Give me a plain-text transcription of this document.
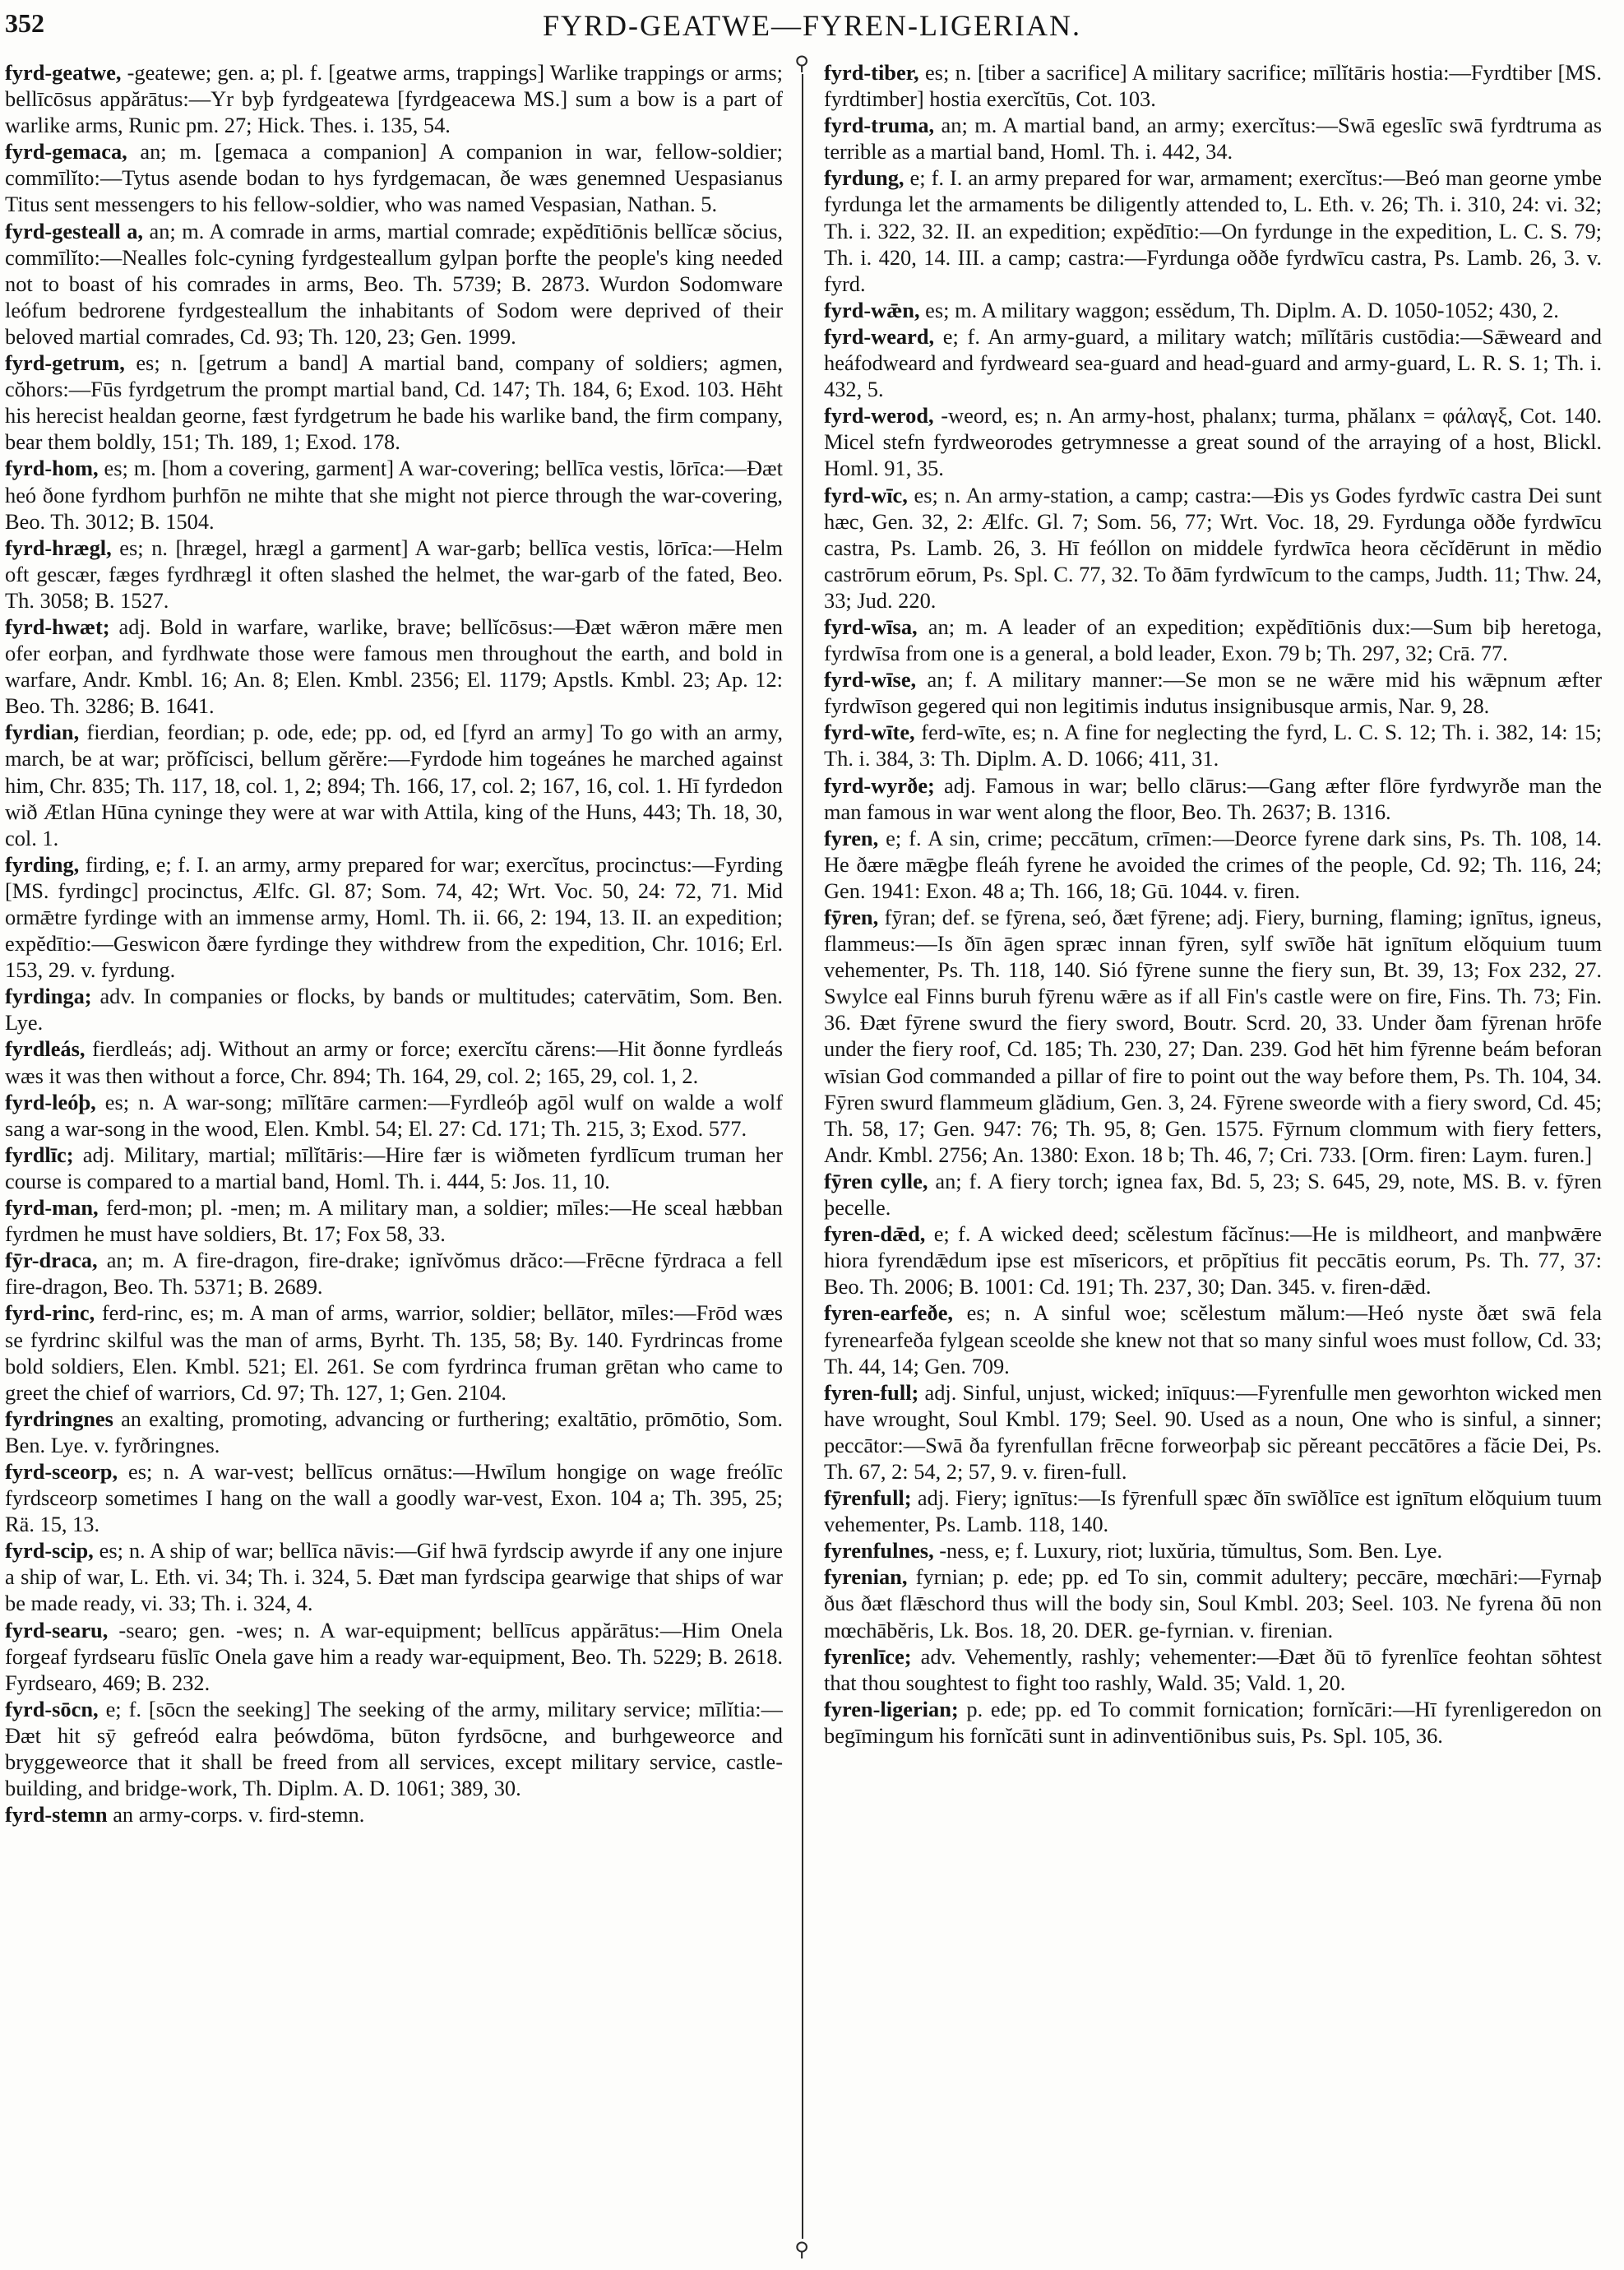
352	FYRD-GEATWE—FYREN-LIGERIAN.
⚲
⚲

fyrd-geatwe, -geatewe; gen. a; pl. f. [geatwe arms, trappings] Warlike trappings or arms; bellīcōsus appărātus:—Yr byþ fyrdgeatewa [fyrdgeacewa MS.] sum a bow is a part of warlike arms, Runic pm. 27; Hick. Thes. i. 135, 54.

fyrd-gemaca, an; m. [gemaca a companion] A companion in war, fellow-soldier; commīlĭto:—Tytus asende bodan to hys fyrdgemacan, ðe wæs genemned Uespasianus Titus sent messengers to his fellow-soldier, who was named Vespasian, Nathan. 5.

fyrd-gesteall a, an; m. A comrade in arms, martial comrade; expĕdītiōnis bellĭcæ sŏcius, commīlĭto:—Nealles folc-cyning fyrdgesteallum gylpan þorfte the people's king needed not to boast of his comrades in arms, Beo. Th. 5739; B. 2873. Wurdon Sodomware leófum bedrorene fyrdgesteallum the inhabitants of Sodom were deprived of their beloved martial comrades, Cd. 93; Th. 120, 23; Gen. 1999.

fyrd-getrum, es; n. [getrum a band] A martial band, company of soldiers; agmen, cŏhors:—Fūs fyrdgetrum the prompt martial band, Cd. 147; Th. 184, 6; Exod. 103. Hēht his herecist healdan georne, fæst fyrdgetrum he bade his warlike band, the firm company, bear them boldly, 151; Th. 189, 1; Exod. 178.

fyrd-hom, es; m. [hom a covering, garment] A war-covering; bellīca vestis, lōrīca:—Ðæt heó ðone fyrdhom þurhfōn ne mihte that she might not pierce through the war-covering, Beo. Th. 3012; B. 1504.

fyrd-hrægl, es; n. [hrægel, hrægl a garment] A war-garb; bellīca vestis, lōrīca:—Helm oft gescær, fæges fyrdhrægl it often slashed the helmet, the war-garb of the fated, Beo. Th. 3058; B. 1527.

fyrd-hwæt; adj. Bold in warfare, warlike, brave; bellĭcōsus:—Ðæt wǣron mǣre men ofer eorþan, and fyrdhwate those were famous men throughout the earth, and bold in warfare, Andr. Kmbl. 16; An. 8; Elen. Kmbl. 2356; El. 1179; Apstls. Kmbl. 23; Ap. 12: Beo. Th. 3286; B. 1641.

fyrdian, fierdian, feordian; p. ode, ede; pp. od, ed [fyrd an army] To go with an army, march, be at war; prŏfĭcisci, bellum gĕrĕre:—Fyrdode him togeánes he marched against him, Chr. 835; Th. 117, 18, col. 1, 2; 894; Th. 166, 17, col. 2; 167, 16, col. 1. Hī fyrdedon wið Ætlan Hūna cyninge they were at war with Attila, king of the Huns, 443; Th. 18, 30, col. 1.

fyrding, firding, e; f. I. an army, army prepared for war; exercĭtus, procinctus:—Fyrding [MS. fyrdingc] procinctus, Ælfc. Gl. 87; Som. 74, 42; Wrt. Voc. 50, 24: 72, 71. Mid ormǣtre fyrdinge with an immense army, Homl. Th. ii. 66, 2: 194, 13. II. an expedition; expĕdītio:—Geswicon ðære fyrdinge they withdrew from the expedition, Chr. 1016; Erl. 153, 29. v. fyrdung.

fyrdinga; adv. In companies or flocks, by bands or multitudes; catervātim, Som. Ben. Lye.

fyrdleás, fierdleás; adj. Without an army or force; exercĭtu cărens:—Hit ðonne fyrdleás wæs it was then without a force, Chr. 894; Th. 164, 29, col. 2; 165, 29, col. 1, 2.

fyrd-leóþ, es; n. A war-song; mīlĭtāre carmen:—Fyrdleóþ agōl wulf on walde a wolf sang a war-song in the wood, Elen. Kmbl. 54; El. 27: Cd. 171; Th. 215, 3; Exod. 577.

fyrdlīc; adj. Military, martial; mīlĭtāris:—Hire fær is wiðmeten fyrdlīcum truman her course is compared to a martial band, Homl. Th. i. 444, 5: Jos. 11, 10.

fyrd-man, ferd-mon; pl. -men; m. A military man, a soldier; mīles:—He sceal hæbban fyrdmen he must have soldiers, Bt. 17; Fox 58, 33.

fȳr-draca, an; m. A fire-dragon, fire-drake; ignĭvŏmus drăco:—Frēcne fȳrdraca a fell fire-dragon, Beo. Th. 5371; B. 2689.

fyrd-rinc, ferd-rinc, es; m. A man of arms, warrior, soldier; bellātor, mīles:—Frōd wæs se fyrdrinc skilful was the man of arms, Byrht. Th. 135, 58; By. 140. Fyrdrincas frome bold soldiers, Elen. Kmbl. 521; El. 261. Se com fyrdrinca fruman grētan who came to greet the chief of warriors, Cd. 97; Th. 127, 1; Gen. 2104.

fyrdringnes an exalting, promoting, advancing or furthering; exaltātio, prōmōtio, Som. Ben. Lye. v. fyrðringnes.

fyrd-sceorp, es; n. A war-vest; bellīcus ornātus:—Hwīlum hongige on wage freólīc fyrdsceorp sometimes I hang on the wall a goodly war-vest, Exon. 104 a; Th. 395, 25; Rä. 15, 13.

fyrd-scip, es; n. A ship of war; bellīca nāvis:—Gif hwā fyrdscip awyrde if any one injure a ship of war, L. Eth. vi. 34; Th. i. 324, 5. Ðæt man fyrdscipa gearwige that ships of war be made ready, vi. 33; Th. i. 324, 4.

fyrd-searu, -searo; gen. -wes; n. A war-equipment; bellīcus appărātus:—Him Onela forgeaf fyrdsearu fūslīc Onela gave him a ready war-equipment, Beo. Th. 5229; B. 2618. Fyrdsearo, 469; B. 232.

fyrd-sōcn, e; f. [sōcn the seeking] The seeking of the army, military service; mīlĭtia:—Ðæt hit sȳ gefreód ealra þeówdōma, būton fyrdsōcne, and burhgeweorce and bryggeweorce that it shall be freed from all services, except military service, castle-building, and bridge-work, Th. Diplm. A. D. 1061; 389, 30.

fyrd-stemn an army-corps. v. fird-stemn.

fyrd-tiber, es; n. [tiber a sacrifice] A military sacrifice; mīlĭtāris hostia:—Fyrdtiber [MS. fyrdtimber] hostia exercĭtūs, Cot. 103.

fyrd-truma, an; m. A martial band, an army; exercĭtus:—Swā egeslīc swā fyrdtruma as terrible as a martial band, Homl. Th. i. 442, 34.

fyrdung, e; f. I. an army prepared for war, armament; exercĭtus:—Beó man georne ymbe fyrdunga let the armaments be diligently attended to, L. Eth. v. 26; Th. i. 310, 24: vi. 32; Th. i. 322, 32. II. an expedition; expĕdītio:—On fyrdunge in the expedition, L. C. S. 79; Th. i. 420, 14. III. a camp; castra:—Fyrdunga oððe fyrdwīcu castra, Ps. Lamb. 26, 3. v. fyrd.

fyrd-wǣn, es; m. A military waggon; essĕdum, Th. Diplm. A. D. 1050-1052; 430, 2.

fyrd-weard, e; f. An army-guard, a military watch; mīlĭtāris custōdia:—Sǣweard and heáfodweard and fyrdweard sea-guard and head-guard and army-guard, L. R. S. 1; Th. i. 432, 5.

fyrd-werod, -weord, es; n. An army-host, phalanx; turma, phălanx = φάλαγξ, Cot. 140. Micel stefn fyrdweorodes getrymnesse a great sound of the arraying of a host, Blickl. Homl. 91, 35.

fyrd-wīc, es; n. An army-station, a camp; castra:—Ðis ys Godes fyrdwīc castra Dei sunt hæc, Gen. 32, 2: Ælfc. Gl. 7; Som. 56, 77; Wrt. Voc. 18, 29. Fyrdunga oððe fyrdwīcu castra, Ps. Lamb. 26, 3. Hī feóllon on middele fyrdwīca heora cĕcĭdērunt in mĕdio castrōrum eōrum, Ps. Spl. C. 77, 32. To ðām fyrdwīcum to the camps, Judth. 11; Thw. 24, 33; Jud. 220.

fyrd-wīsa, an; m. A leader of an expedition; expĕdītiōnis dux:—Sum biþ heretoga, fyrdwīsa from one is a general, a bold leader, Exon. 79 b; Th. 297, 32; Crā. 77.

fyrd-wīse, an; f. A military manner:—Se mon se ne wǣre mid his wǣpnum æfter fyrdwīson gegered qui non legitimis indutus insignibusque armis, Nar. 9, 28.

fyrd-wīte, ferd-wīte, es; n. A fine for neglecting the fyrd, L. C. S. 12; Th. i. 382, 14: 15; Th. i. 384, 3: Th. Diplm. A. D. 1066; 411, 31.

fyrd-wyrðe; adj. Famous in war; bello clārus:—Gang æfter flōre fyrdwyrðe man the man famous in war went along the floor, Beo. Th. 2637; B. 1316.

fyren, e; f. A sin, crime; peccātum, crīmen:—Deorce fyrene dark sins, Ps. Th. 108, 14. He ðære mǣgþe fleáh fyrene he avoided the crimes of the people, Cd. 92; Th. 116, 24; Gen. 1941: Exon. 48 a; Th. 166, 18; Gū. 1044. v. firen.

fȳren, fȳran; def. se fȳrena, seó, ðæt fȳrene; adj. Fiery, burning, flaming; ignītus, igneus, flammeus:—Is ðīn āgen spræc innan fȳren, sylf swīðe hāt ignītum elŏquium tuum vehementer, Ps. Th. 118, 140. Sió fȳrene sunne the fiery sun, Bt. 39, 13; Fox 232, 27. Swylce eal Finns buruh fȳrenu wǣre as if all Fin's castle were on fire, Fins. Th. 73; Fin. 36. Ðæt fȳrene swurd the fiery sword, Boutr. Scrd. 20, 33. Under ðam fȳrenan hrōfe under the fiery roof, Cd. 185; Th. 230, 27; Dan. 239. God hēt him fȳrenne beám beforan wīsian God commanded a pillar of fire to point out the way before them, Ps. Th. 104, 34. Fȳren swurd flammeum glădium, Gen. 3, 24. Fȳrene sweorde with a fiery sword, Cd. 45; Th. 58, 17; Gen. 947: 76; Th. 95, 8; Gen. 1575. Fȳrnum clommum with fiery fetters, Andr. Kmbl. 2756; An. 1380: Exon. 18 b; Th. 46, 7; Cri. 733. [Orm. firen: Laym. furen.]

fȳren cylle, an; f. A fiery torch; ignea fax, Bd. 5, 23; S. 645, 29, note, MS. B. v. fȳren þecelle.

fyren-dǣd, e; f. A wicked deed; scĕlestum făcĭnus:—He is mildheort, and manþwǣre hiora fyrendǣdum ipse est mīsericors, et prōpĭtius fit peccātis eorum, Ps. Th. 77, 37: Beo. Th. 2006; B. 1001: Cd. 191; Th. 237, 30; Dan. 345. v. firen-dǣd.

fyren-earfeðe, es; n. A sinful woe; scĕlestum mălum:—Heó nyste ðæt swā fela fyrenearfeða fylgean sceolde she knew not that so many sinful woes must follow, Cd. 33; Th. 44, 14; Gen. 709.

fyren-full; adj. Sinful, unjust, wicked; inīquus:—Fyrenfulle men geworhton wicked men have wrought, Soul Kmbl. 179; Seel. 90. Used as a noun, One who is sinful, a sinner; peccātor:—Swā ða fyrenfullan frēcne forweorþaþ sic pĕreant peccātōres a făcie Dei, Ps. Th. 67, 2: 54, 2; 57, 9. v. firen-full.

fȳrenfull; adj. Fiery; ignītus:—Is fȳrenfull spæc ðīn swīðlīce est ignītum elŏquium tuum vehementer, Ps. Lamb. 118, 140.

fyrenfulnes, -ness, e; f. Luxury, riot; luxŭria, tŭmultus, Som. Ben. Lye.

fyrenian, fyrnian; p. ede; pp. ed To sin, commit adultery; peccāre, mœchāri:—Fyrnaþ ðus ðæt flǣschord thus will the body sin, Soul Kmbl. 203; Seel. 103. Ne fyrena ðū non mœchābĕris, Lk. Bos. 18, 20. DER. ge-fyrnian. v. firenian.

fyrenlīce; adv. Vehemently, rashly; vehementer:—Ðæt ðū tō fyrenlīce feohtan sōhtest that thou soughtest to fight too rashly, Wald. 35; Vald. 1, 20.

fyren-ligerian; p. ede; pp. ed To commit fornication; fornĭcāri:—Hī fyrenligeredon on begīmingum his fornĭcāti sunt in adinventiōnibus suis, Ps. Spl. 105, 36.
